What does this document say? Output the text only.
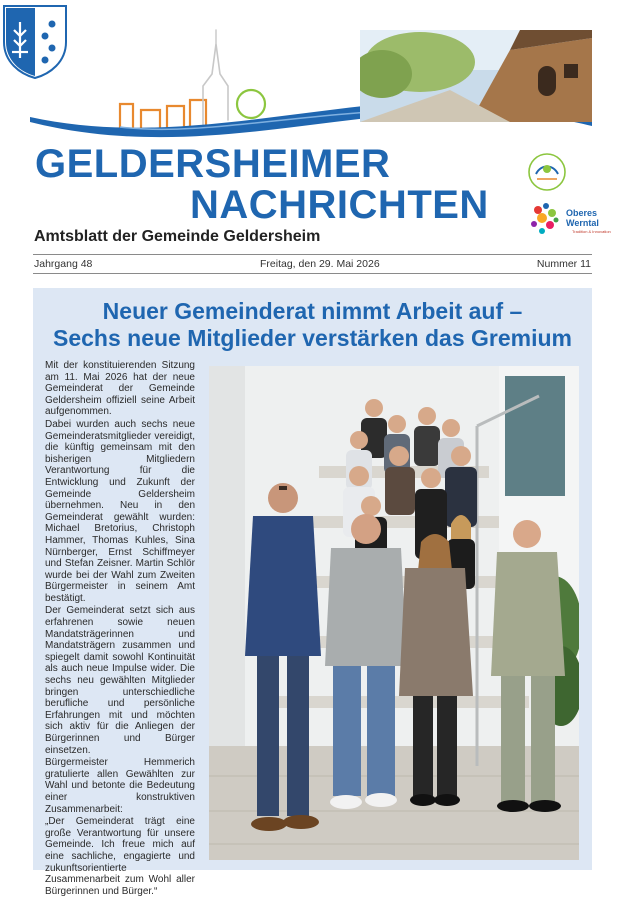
GELDERSHEIMER
NACHRICHTEN
Amtsblatt der Gemeinde Geldersheim
Oberes
Werntal
Tradition & Innovation
Jahrgang 48	Freitag, den 29. Mai 2026	Nummer 11
Neuer Gemeinderat nimmt Arbeit auf –
Sechs neue Mitglieder verstärken das Gremium

Mit der konstituierenden Sitzung am 11. Mai 2026 hat der neue Gemeinderat der Gemeinde Geldersheim offiziell seine Arbeit aufgenommen.

Dabei wurden auch sechs neue Gemeinderatsmitglieder vereidigt, die künftig gemeinsam mit den bisherigen Mitgliedern Verantwortung für die Entwicklung und Zukunft der Gemeinde Geldersheim übernehmen. Neu in den Gemeinderat gewählt wurden: Michael Bretorius, Christoph Hammer, Thomas Kuhles, Sina Nürnberger, Ernst Schiffmeyer und Stefan Zeisner. Martin Schlör wurde bei der Wahl zum Zweiten Bürgermeister in seinem Amt bestätigt.

Der Gemeinderat setzt sich aus erfahrenen sowie neuen Mandatsträgerinnen und Mandatsträgern zusammen und spiegelt damit sowohl Kontinuität als auch neue Impulse wider. Die sechs neu gewählten Mitglieder bringen unterschiedliche berufliche und persönliche Erfahrungen mit und möchten sich aktiv für die Anliegen der Bürgerinnen und Bürger einsetzen.

Bürgermeister Hemmerich gratulierte allen Gewählten zur Wahl und betonte die Bedeutung einer konstruktiven Zusammenarbeit:

„Der Gemeinderat trägt eine große Verantwortung für unsere Gemeinde. Ich freue mich auf eine sachliche, engagierte und zukunftsorientierte Zusammenarbeit zum Wohl aller Bürgerinnen und Bürger.“
